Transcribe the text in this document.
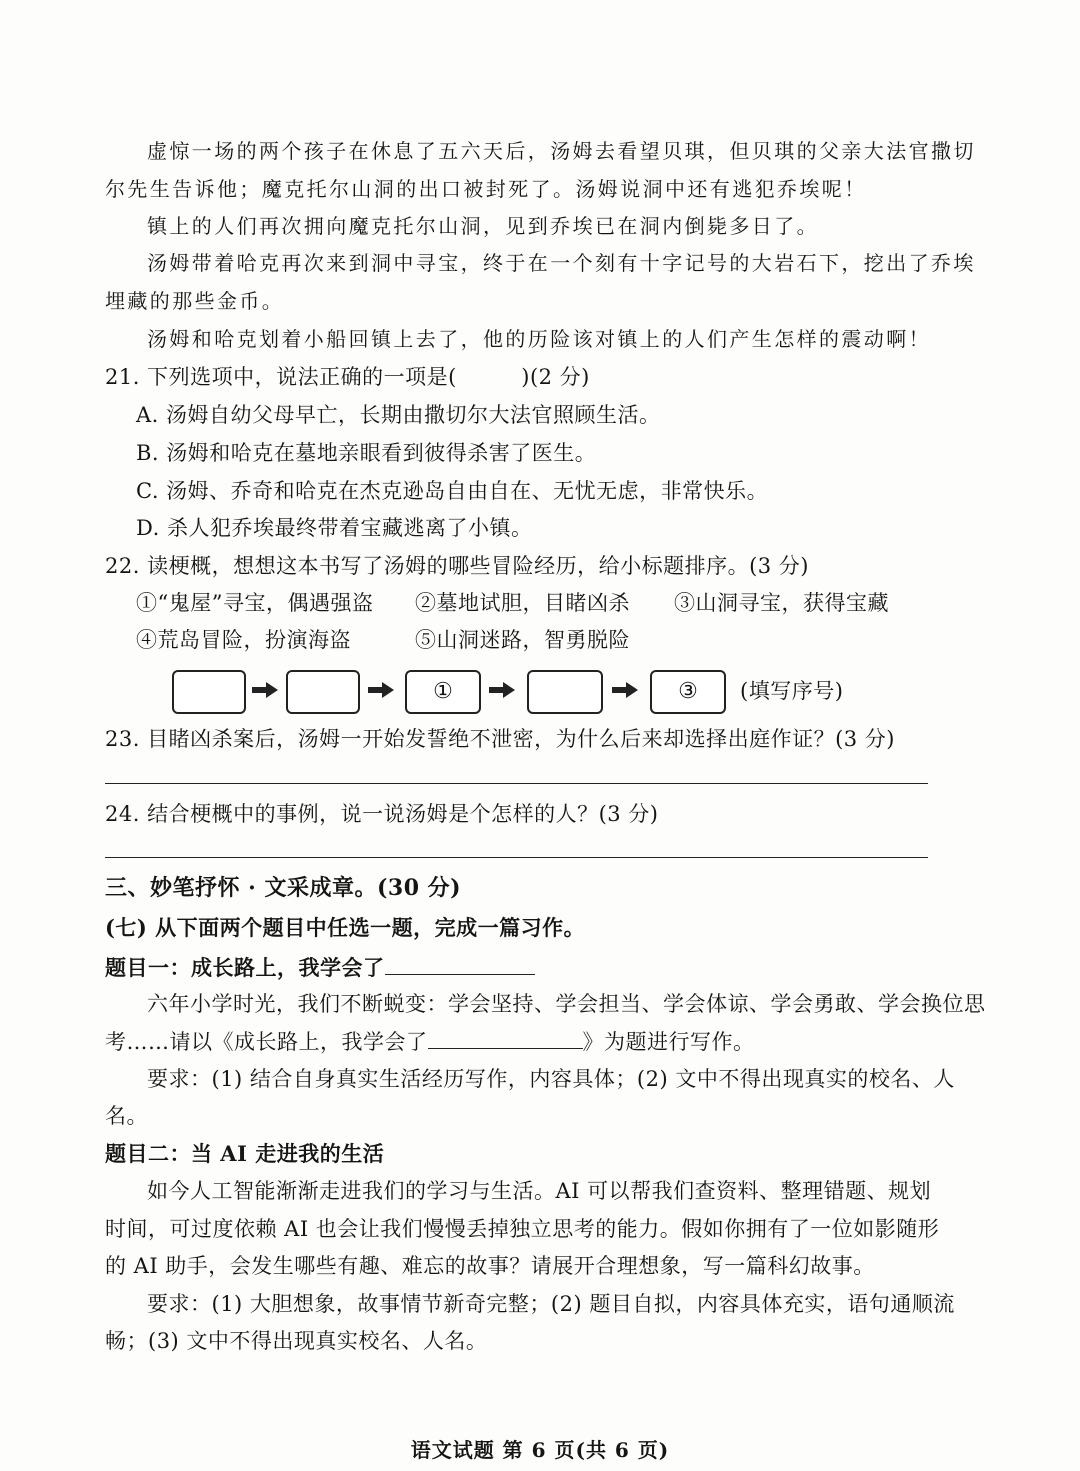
虚惊一场的两个孩子在休息了五六天后，汤姆去看望贝琪，但贝琪的父亲大法官撒切
尔先生告诉他；魔克托尔山洞的出口被封死了。汤姆说洞中还有逃犯乔埃呢！
镇上的人们再次拥向魔克托尔山洞，见到乔埃已在洞内倒毙多日了。
汤姆带着哈克再次来到洞中寻宝，终于在一个刻有十字记号的大岩石下，挖出了乔埃
埋藏的那些金币。
汤姆和哈克划着小船回镇上去了，他的历险该对镇上的人们产生怎样的震动啊！
21. 下列选项中，说法正确的一项是(　　　)(2 分)
A. 汤姆自幼父母早亡，长期由撒切尔大法官照顾生活。
B. 汤姆和哈克在墓地亲眼看到彼得杀害了医生。
C. 汤姆、乔奇和哈克在杰克逊岛自由自在、无忧无虑，非常快乐。
D. 杀人犯乔埃最终带着宝藏逃离了小镇。
22. 读梗概，想想这本书写了汤姆的哪些冒险经历，给小标题排序。(3 分)
①“鬼屋”寻宝，偶遇强盗 ②墓地试胆，目睹凶杀 ③山洞寻宝，获得宝藏
④荒岛冒险，扮演海盗	⑤山洞迷路，智勇脱险
①	③	(填写序号)
23. 目睹凶杀案后，汤姆一开始发誓绝不泄密，为什么后来却选择出庭作证？(3 分)
24. 结合梗概中的事例，说一说汤姆是个怎样的人？(3 分)
三、妙笔抒怀 · 文采成章。(30 分)
(七) 从下面两个题目中任选一题，完成一篇习作。
题目一：成长路上，我学会了
六年小学时光，我们不断蜕变：学会坚持、学会担当、学会体谅、学会勇敢、学会换位思
考……请以《成长路上，我学会了	》为题进行写作。
要求：(1) 结合自身真实生活经历写作，内容具体；(2) 文中不得出现真实的校名、人
名。
题目二：当 AI 走进我的生活
如今人工智能渐渐走进我们的学习与生活。AI 可以帮我们查资料、整理错题、规划
时间，可过度依赖 AI 也会让我们慢慢丢掉独立思考的能力。假如你拥有了一位如影随形
的 AI 助手，会发生哪些有趣、难忘的故事？请展开合理想象，写一篇科幻故事。
要求：(1) 大胆想象，故事情节新奇完整；(2) 题目自拟，内容具体充实，语句通顺流
畅；(3) 文中不得出现真实校名、人名。
语文试题 第 6 页(共 6 页)
